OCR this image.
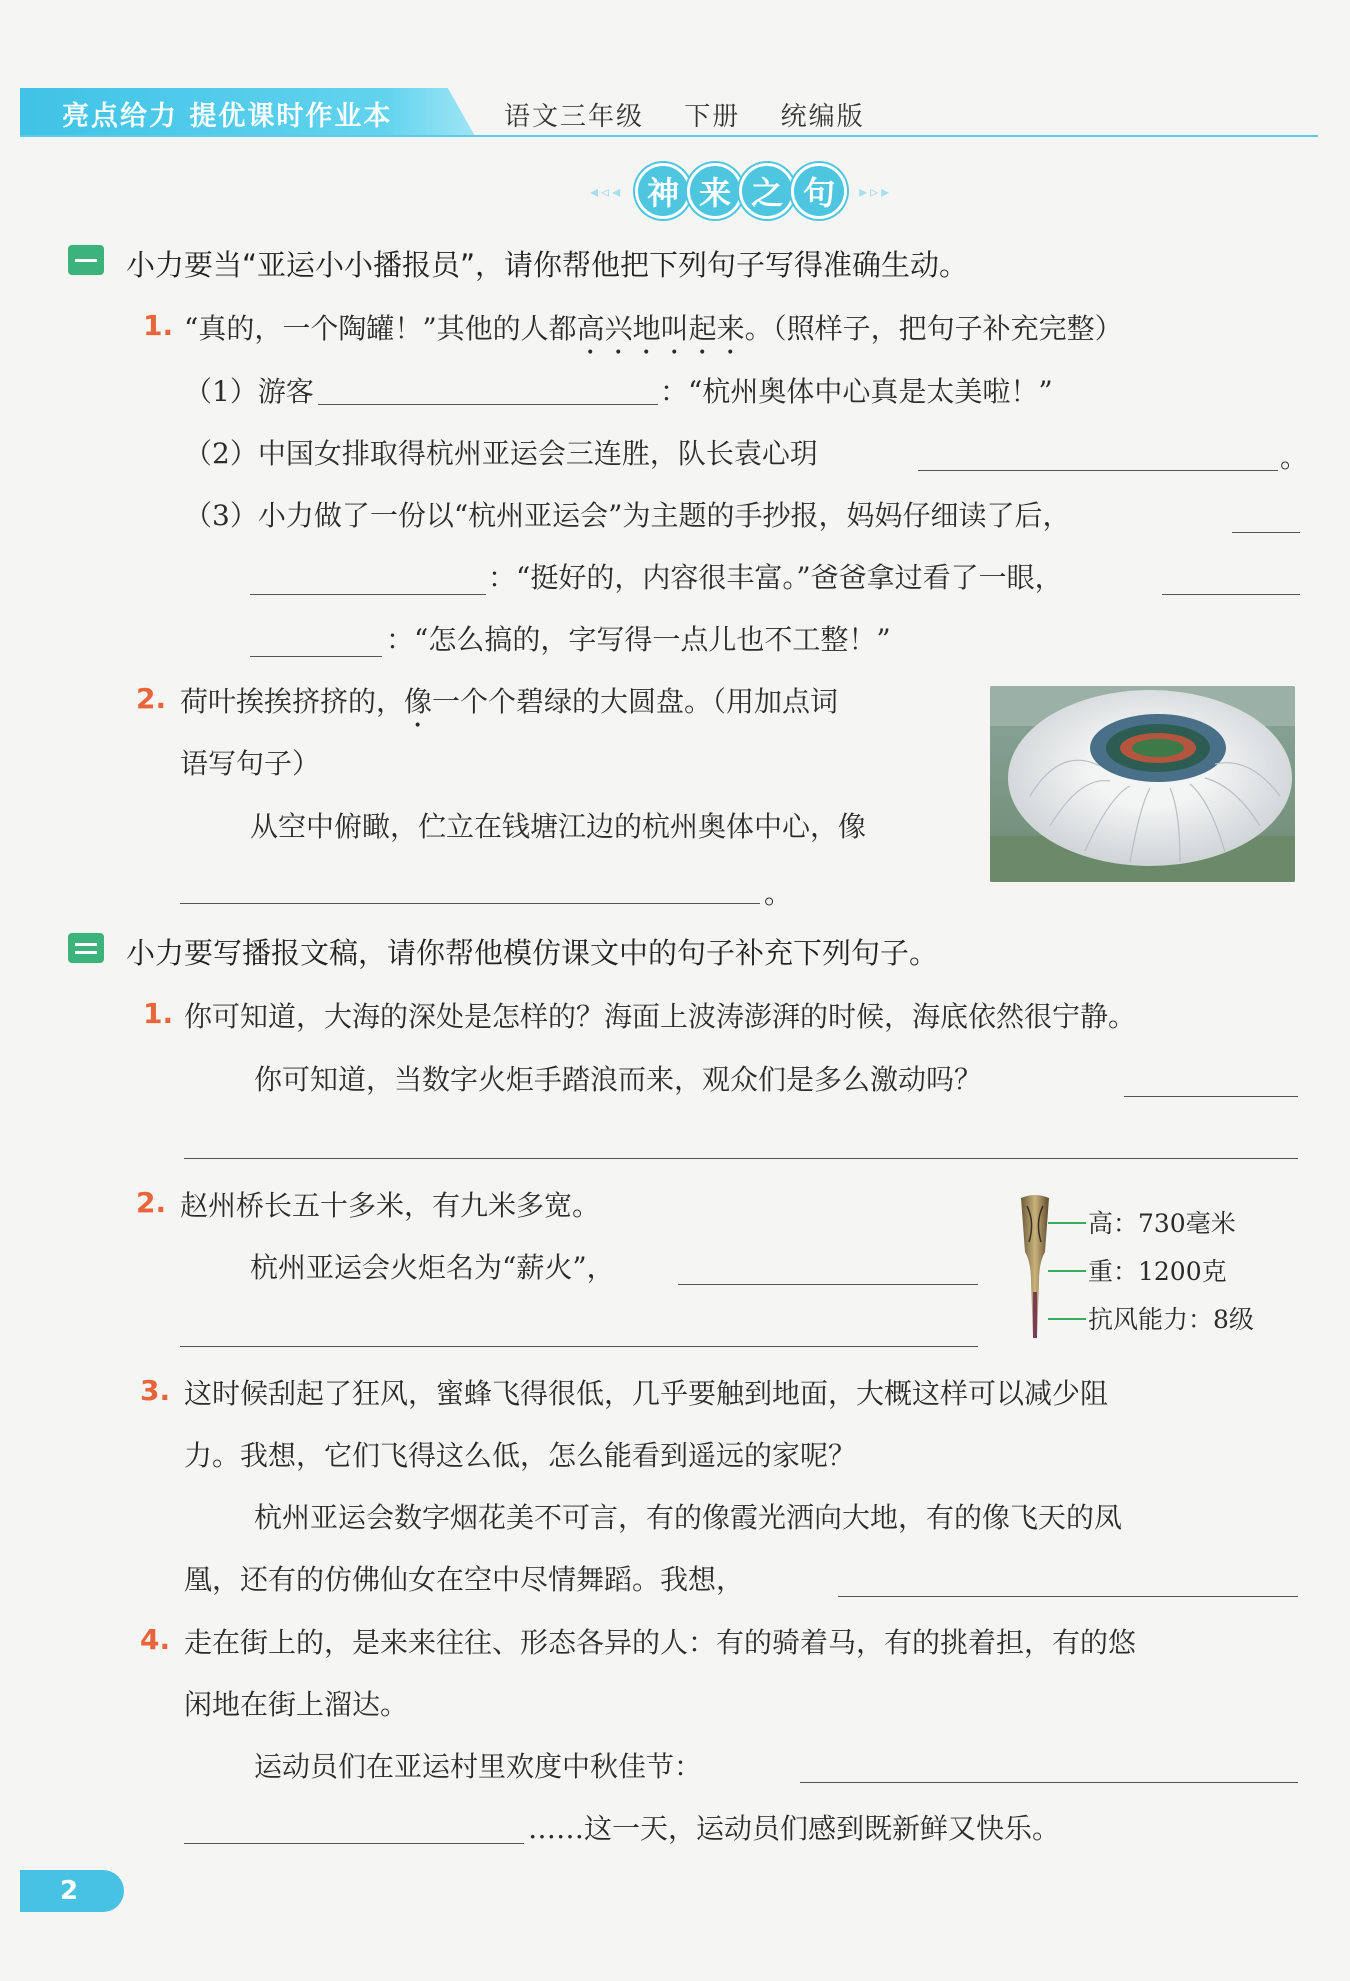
亮点给力 提优课时作业本	语文三年级 下册 统编版
◂◃◂ 神 来 之 句	▸▹▸
小力要当“亚运小小播报员”，请你帮他把下列句子写得准确生动。
1. “真的，一个陶罐！”其他的人都高兴地叫起来。（照样子，把句子补充完整）
（1）游客	：“杭州奥体中心真是太美啦！”
（2）中国女排取得杭州亚运会三连胜，队长袁心玥	。
（3）小力做了一份以“杭州亚运会”为主题的手抄报，妈妈仔细读了后，
：“挺好的，内容很丰富。”爸爸拿过看了一眼，
：“怎么搞的，字写得一点儿也不工整！”
2. 荷叶挨挨挤挤的，像一个个碧绿的大圆盘。（用加点词
语写句子）
从空中俯瞰，伫立在钱塘江边的杭州奥体中心，像
。
小力要写播报文稿，请你帮他模仿课文中的句子补充下列句子。
1. 你可知道，大海的深处是怎样的？海面上波涛澎湃的时候，海底依然很宁静。
你可知道，当数字火炬手踏浪而来，观众们是多么激动吗？
2. 赵州桥长五十多米，有九米多宽。
杭州亚运会火炬名为“薪火”，
高：730毫米
重：1200克
抗风能力：8级
3. 这时候刮起了狂风，蜜蜂飞得很低，几乎要触到地面，大概这样可以减少阻
力。我想，它们飞得这么低，怎么能看到遥远的家呢？
杭州亚运会数字烟花美不可言，有的像霞光洒向大地，有的像飞天的凤
凰，还有的仿佛仙女在空中尽情舞蹈。我想，
4. 走在街上的，是来来往往、形态各异的人：有的骑着马，有的挑着担，有的悠
闲地在街上溜达。
运动员们在亚运村里欢度中秋佳节：
……这一天，运动员们感到既新鲜又快乐。
2
